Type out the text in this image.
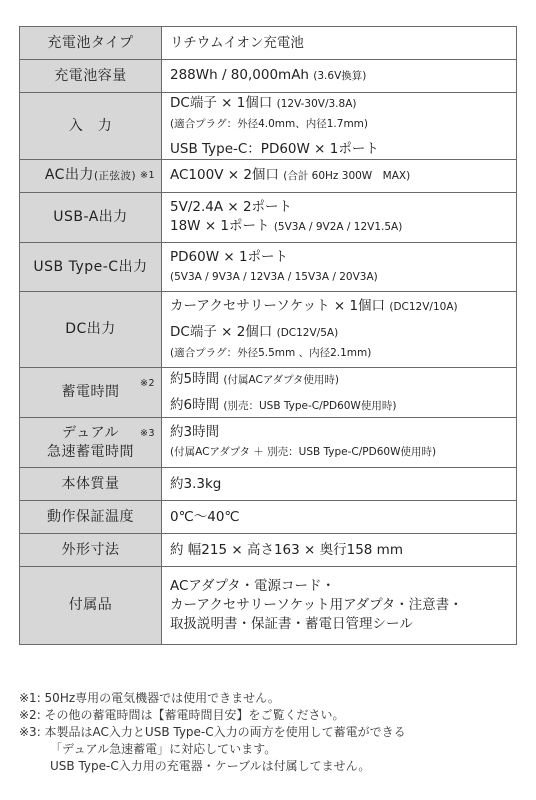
充電池タイプ	リチウムイオン充電池

充電池容量	288Wh / 80,000mAh (3.6V換算)

入　力	DC端子 × 1個口 (12V-30V/3.8A)
(適合プラグ：外径4.0mm、内径1.7mm)
USB Type-C：PD60W × 1ポート

AC出力(正弦波) ※1	AC100V × 2個口 (合計 60Hz 300W　MAX)

USB-A出力	5V/2.4A × 2ポート
18W × 1ポート (5V3A / 9V2A / 12V1.5A)

USB Type-C出力	PD60W × 1ポート
(5V3A / 9V3A / 12V3A / 15V3A / 20V3A)

DC出力	カーアクセサリーソケット × 1個口 (DC12V/10A)
DC端子 × 2個口 (DC12V/5A)
(適合プラグ：外径5.5mm 、内径2.1mm)

蓄電時間
※2	約5時間 (付属ACアダプタ使用時)
約6時間 (別売：USB Type-C/PD60W使用時)

デュアル
急速蓄電時間
※3	約3時間
(付属ACアダプタ ＋ 別売：USB Type-C/PD60W使用時)

本体質量	約3.3kg

動作保証温度	0℃〜40℃

外形寸法	約 幅215 × 高さ163 × 奥行158 mm

付属品	ACアダプタ・電源コード・
カーアクセサリーソケット用アダプタ・注意書・
取扱説明書・保証書・蓄電日管理シール
※1: 50Hz専用の電気機器では使用できません。
※2: その他の蓄電時間は【蓄電時間目安】をご覧ください。
※3: 本製品はAC入力とUSB Type-C入力の両方を使用して蓄電ができる
「デュアル急速蓄電」に対応しています。
USB Type-C入力用の充電器・ケーブルは付属してません。
